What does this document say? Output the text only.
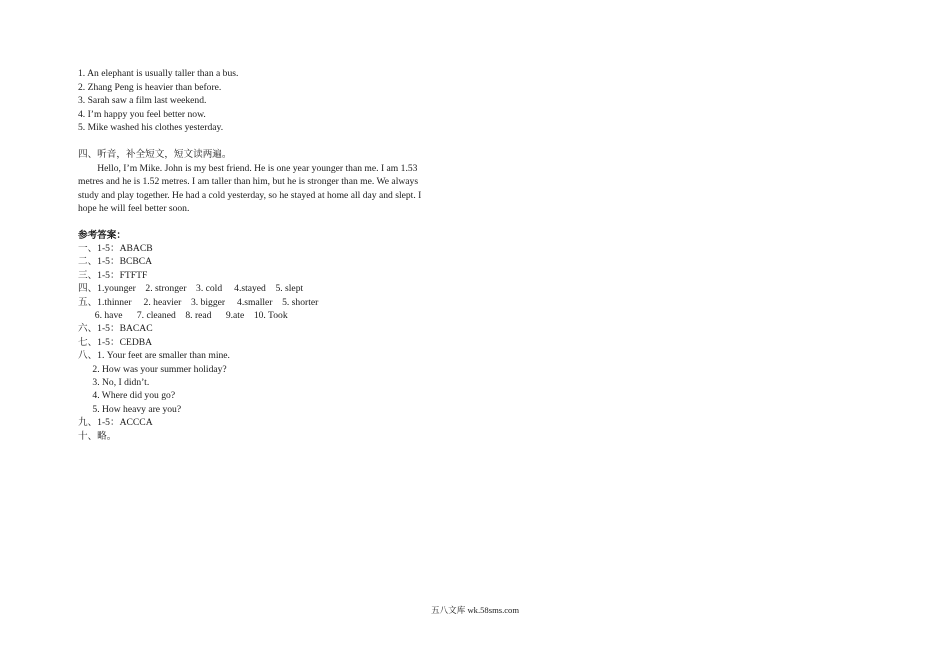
1. An elephant is usually taller than a bus.
2. Zhang Peng is heavier than before.
3. Sarah saw a film last weekend.
4. I’m happy you feel better now.
5. Mike washed his clothes yesterday.
四、听音，补全短文，短文读两遍。
Hello, I’m Mike. John is my best friend. He is one year younger than me. I am 1.53
metres and he is 1.52 metres. I am taller than him, but he is stronger than me. We always
study and play together. He had a cold yesterday, so he stayed at home all day and slept. I
hope he will feel better soon.
参考答案：
一、1-5：ABACB
二、1-5：BCBCA
三、1-5：FTFTF
四、1.younger    2. stronger    3. cold     4.stayed    5. slept
五、1.thinner     2. heavier    3. bigger     4.smaller    5. shorter
6. have      7. cleaned    8. read      9.ate    10. Took
六、1-5：BACAC
七、1-5：CEDBA
八、1. Your feet are smaller than mine.
2. How was your summer holiday?
3. No, I didn’t.
4. Where did you go?
5. How heavy are you?
九、1-5：ACCCA
十、略。
五八文库 wk.58sms.com
